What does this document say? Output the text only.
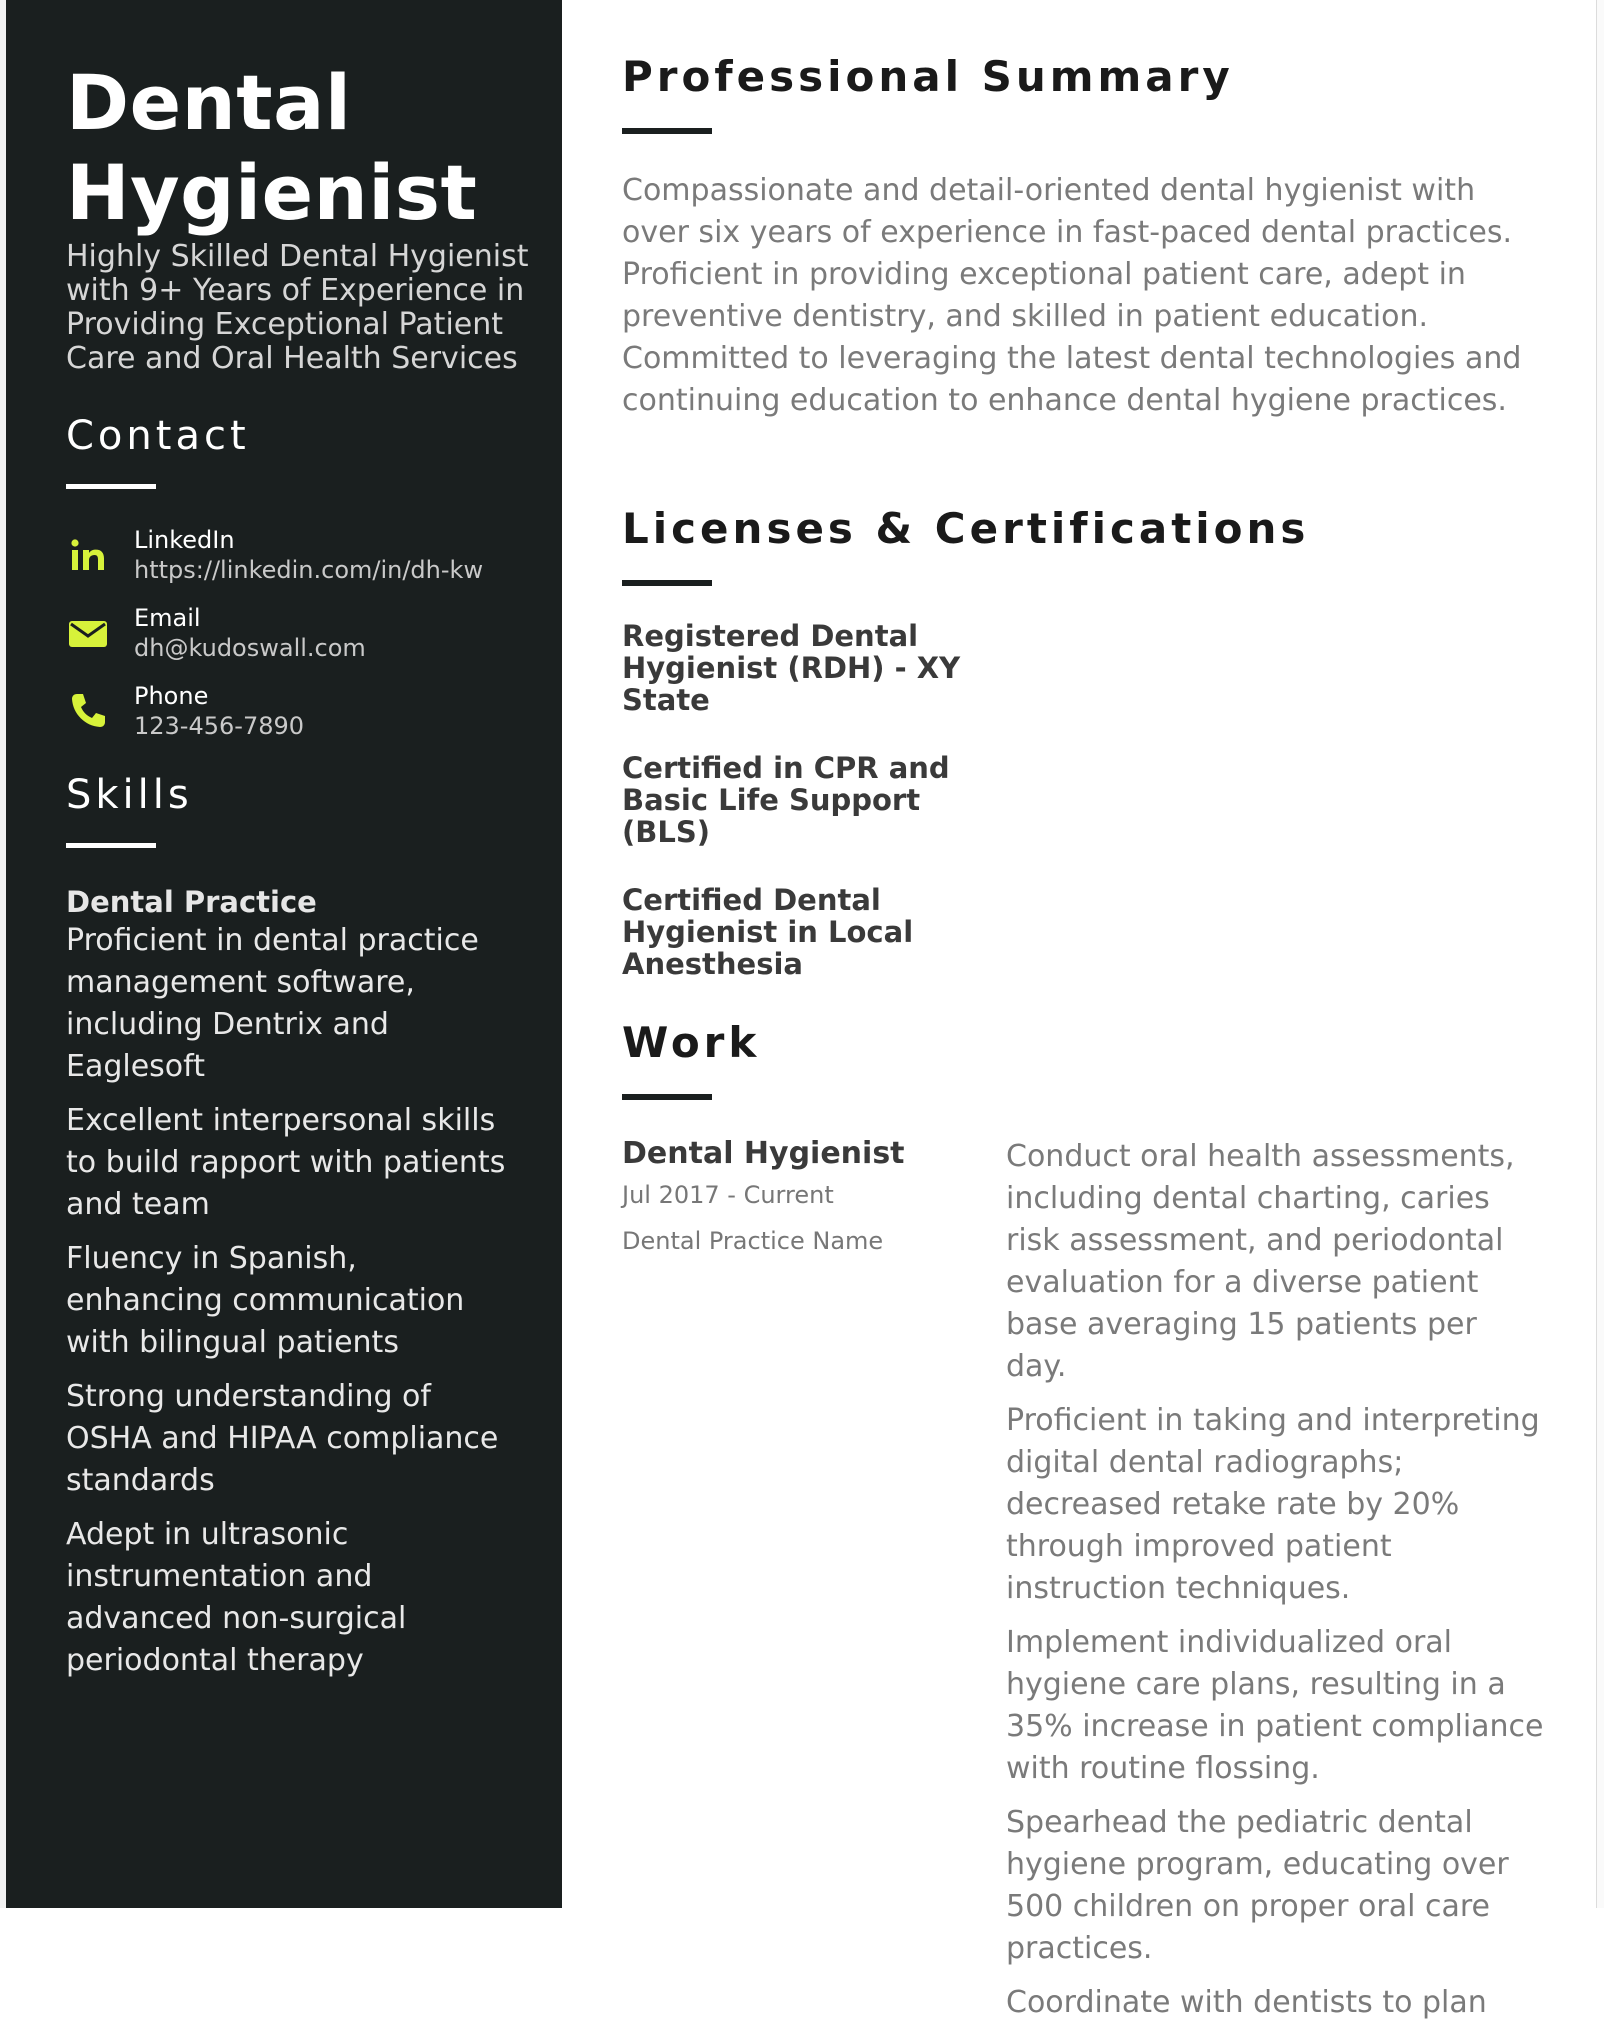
Dental Hygienist
Highly Skilled Dental Hygienist with 9+ Years of Experience in Providing Exceptional Patient Care and Oral Health Services
Contact
LinkedIn
https://linkedin.com/in/dh-kw
Email
dh@kudoswall.com
Phone
123-456-7890
Skills
Dental Practice
Proficient in dental practice management software, including Dentrix and Eaglesoft
Excellent interpersonal skills to build rapport with patients and team
Fluency in Spanish, enhancing communication with bilingual patients
Strong understanding of OSHA and HIPAA compliance standards
Adept in ultrasonic instrumentation and advanced non-surgical periodontal therapy
Professional Summary

Compassionate and detail-oriented dental hygienist with over six years of experience in fast-paced dental practices. Proficient in providing exceptional patient care, adept in preventive dentistry, and skilled in patient education. Committed to leveraging the latest dental technologies and continuing education to enhance dental hygiene practices.

Licenses & Certifications
Registered Dental Hygienist (RDH) - XY State
Certified in CPR and Basic Life Support (BLS)
Certified Dental Hygienist in Local Anesthesia
Work
Dental Hygienist
Jul 2017 - Current
Dental Practice Name
Conduct oral health assessments, including dental charting, caries risk assessment, and periodontal evaluation for a diverse patient base averaging 15 patients per day.
Proficient in taking and interpreting digital dental radiographs; decreased retake rate by 20% through improved patient instruction techniques.
Implement individualized oral hygiene care plans, resulting in a 35% increase in patient compliance with routine flossing.
Spearhead the pediatric dental hygiene program, educating over 500 children on proper oral care practices.
Coordinate with dentists to plan
